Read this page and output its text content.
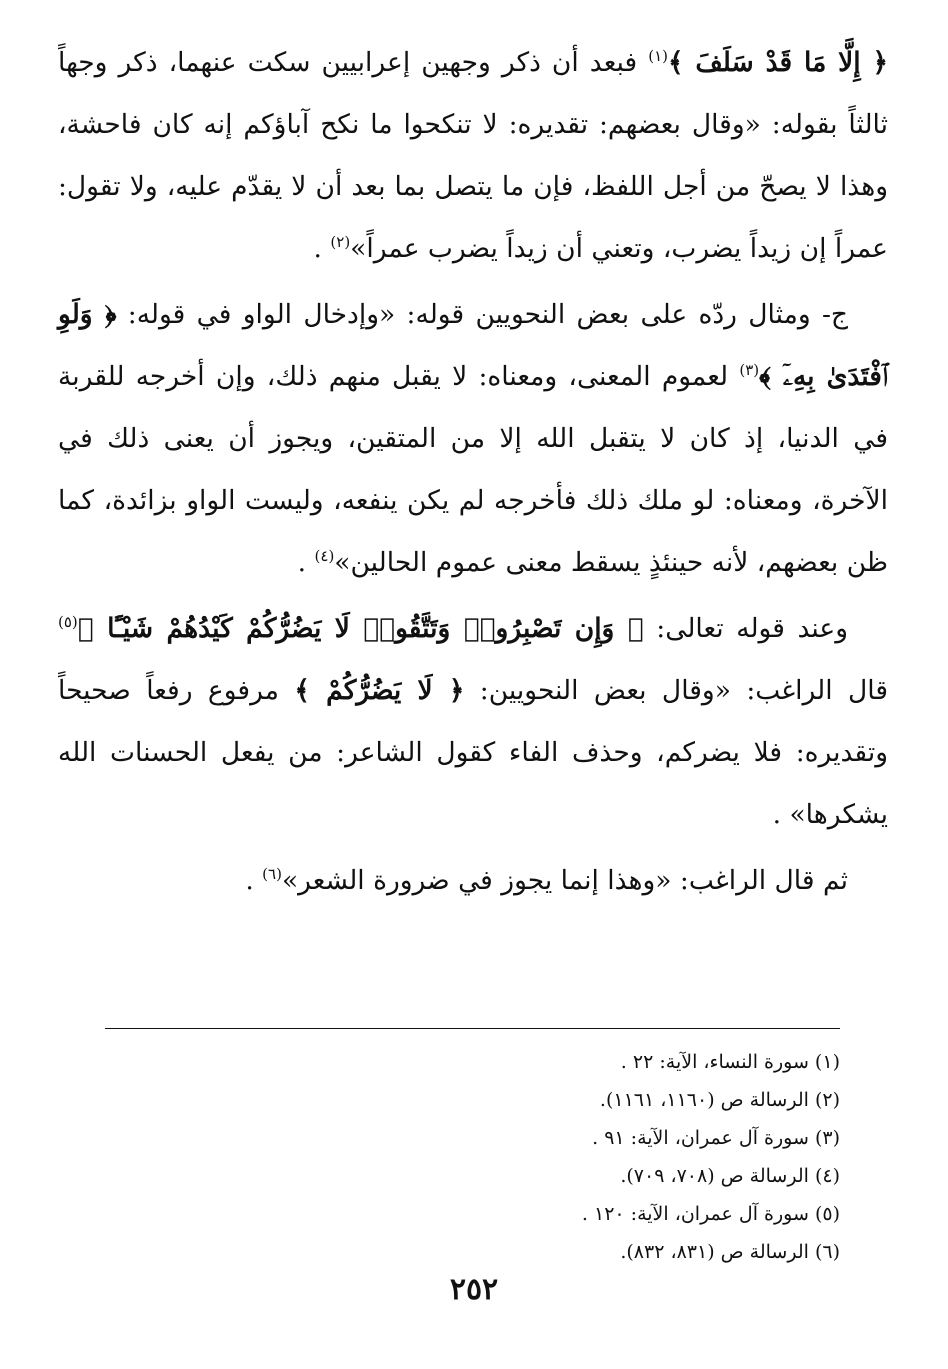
﴿ إِلَّا مَا قَدْ سَلَفَ ﴾$^{(١)}$ فبعد أن ذكر وجهين إعرابيين سكت عنهما، ذكر وجهاً ثالثاً بقوله: «وقال بعضهم: تقديره: لا تنكحوا ما نكح آباؤكم إنه كان فاحشة، وهذا لا يصحّ من أجل اللفظ، فإن ما يتصل بما بعد أن لا يقدّم عليه، ولا تقول: عمراً إن زيداً يضرب، وتعني أن زيداً يضرب عمراً»$^{(٢)}$ .

ج- ومثال ردّه على بعض النحويين قوله: «وإدخال الواو في قوله: ﴿ وَلَوِ ٱفْتَدَىٰ بِهِۦٓ ﴾$^{(٣)}$ لعموم المعنى، ومعناه: لا يقبل منهم ذلك، وإن أخرجه للقربة في الدنيا، إذ كان لا يتقبل الله إلا من المتقين، ويجوز أن يعنى ذلك في الآخرة، ومعناه: لو ملك ذلك فأخرجه لم يكن ينفعه، وليست الواو بزائدة، كما ظن بعضهم، لأنه حينئذٍ يسقط معنى عموم الحالين»$^{(٤)}$ .

وعند قوله تعالى: ﴿ وَإِن تَصْبِرُوا۟ وَتَتَّقُوا۟ لَا يَضُرُّكُمْ كَيْدُهُمْ شَيْـًٔا ﴾$^{(٥)}$ قال الراغب: «وقال بعض النحويين: ﴿ لَا يَضُرُّكُمْ ﴾ مرفوع رفعاً صحيحاً وتقديره: فلا يضركم، وحذف الفاء كقول الشاعر: من يفعل الحسنات الله يشكرها» .

ثم قال الراغب: «وهذا إنما يجوز في ضرورة الشعر»$^{(٦)}$ .

(١) سورة النساء، الآية: ٢٢ .

(٢) الرسالة ص (١١٦٠، ١١٦١).

(٣) سورة آل عمران، الآية: ٩١ .

(٤) الرسالة ص (٧٠٨، ٧٠٩).

(٥) سورة آل عمران، الآية: ١٢٠ .

(٦) الرسالة ص (٨٣١، ٨٣٢).

٢٥٢
